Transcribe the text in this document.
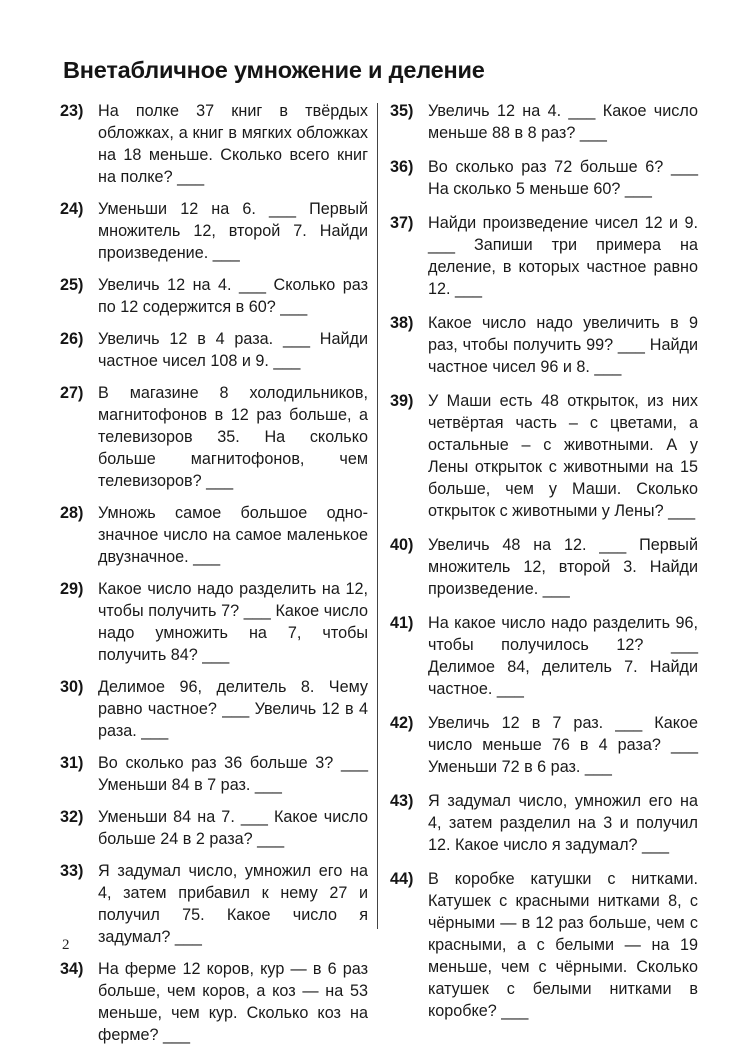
Внетабличное умножение и деление
23) На полке 37 книг в твёрдых обложках, а книг в мягких обложках на 18 меньше. Сколько всего книг на полке? ___
24) Уменьши 12 на 6. ___ Первый множитель 12, второй 7. Найди произведение. ___
25) Увеличь 12 на 4. ___ Сколько раз по 12 содержится в 60? ___
26) Увеличь 12 в 4 раза. ___ Найди частное чисел 108 и 9. ___
27) В магазине 8 холодильников, магнитофонов в 12 раз больше, а телевизоров 35. На сколько больше магнитофонов, чем телевизоров? ___
28) Умножь самое большое однозначное число на самое маленькое двузначное. ___
29) Какое число надо разделить на 12, чтобы получить 7? ___ Какое число надо умножить на 7, чтобы получить 84? ___
30) Делимое 96, делитель 8. Чему равно частное? ___ Увеличь 12 в 4 раза. ___
31) Во сколько раз 36 больше 3? ___ Уменьши 84 в 7 раз. ___
32) Уменьши 84 на 7. ___ Какое число больше 24 в 2 раза? ___
33) Я задумал число, умножил его на 4, затем прибавил к нему 27 и получил 75. Какое число я задумал? ___
34) На ферме 12 коров, кур — в 6 раз больше, чем коров, а коз — на 53 меньше, чем кур. Сколько коз на ферме? ___
35) Увеличь 12 на 4. ___ Какое число меньше 88 в 8 раз? ___
36) Во сколько раз 72 больше 6? ___ На сколько 5 меньше 60? ___
37) Найди произведение чисел 12 и 9. ___ Запиши три примера на деление, в которых частное равно 12. ___
38) Какое число надо увеличить в 9 раз, чтобы получить 99? ___ Найди частное чисел 96 и 8. ___
39) У Маши есть 48 открыток, из них четвёртая часть – с цветами, а остальные – с животными. А у Лены открыток с животными на 15 больше, чем у Маши. Сколько открыток с животными у Лены? ___
40) Увеличь 48 на 12. ___ Первый множитель 12, второй 3. Найди произведение. ___
41) На какое число надо разделить 96, чтобы получилось 12? ___ Делимое 84, делитель 7. Найди частное. ___
42) Увеличь 12 в 7 раз. ___ Какое число меньше 76 в 4 раза? ___ Уменьши 72 в 6 раз. ___
43) Я задумал число, умножил его на 4, затем разделил на 3 и получил 12. Какое число я задумал? ___
44) В коробке катушки с нитками. Катушек с красными нитками 8, с чёрными — в 12 раз больше, чем с красными, а с белыми — на 19 меньше, чем с чёрными. Сколько катушек с белыми нитками в коробке? ___
2
